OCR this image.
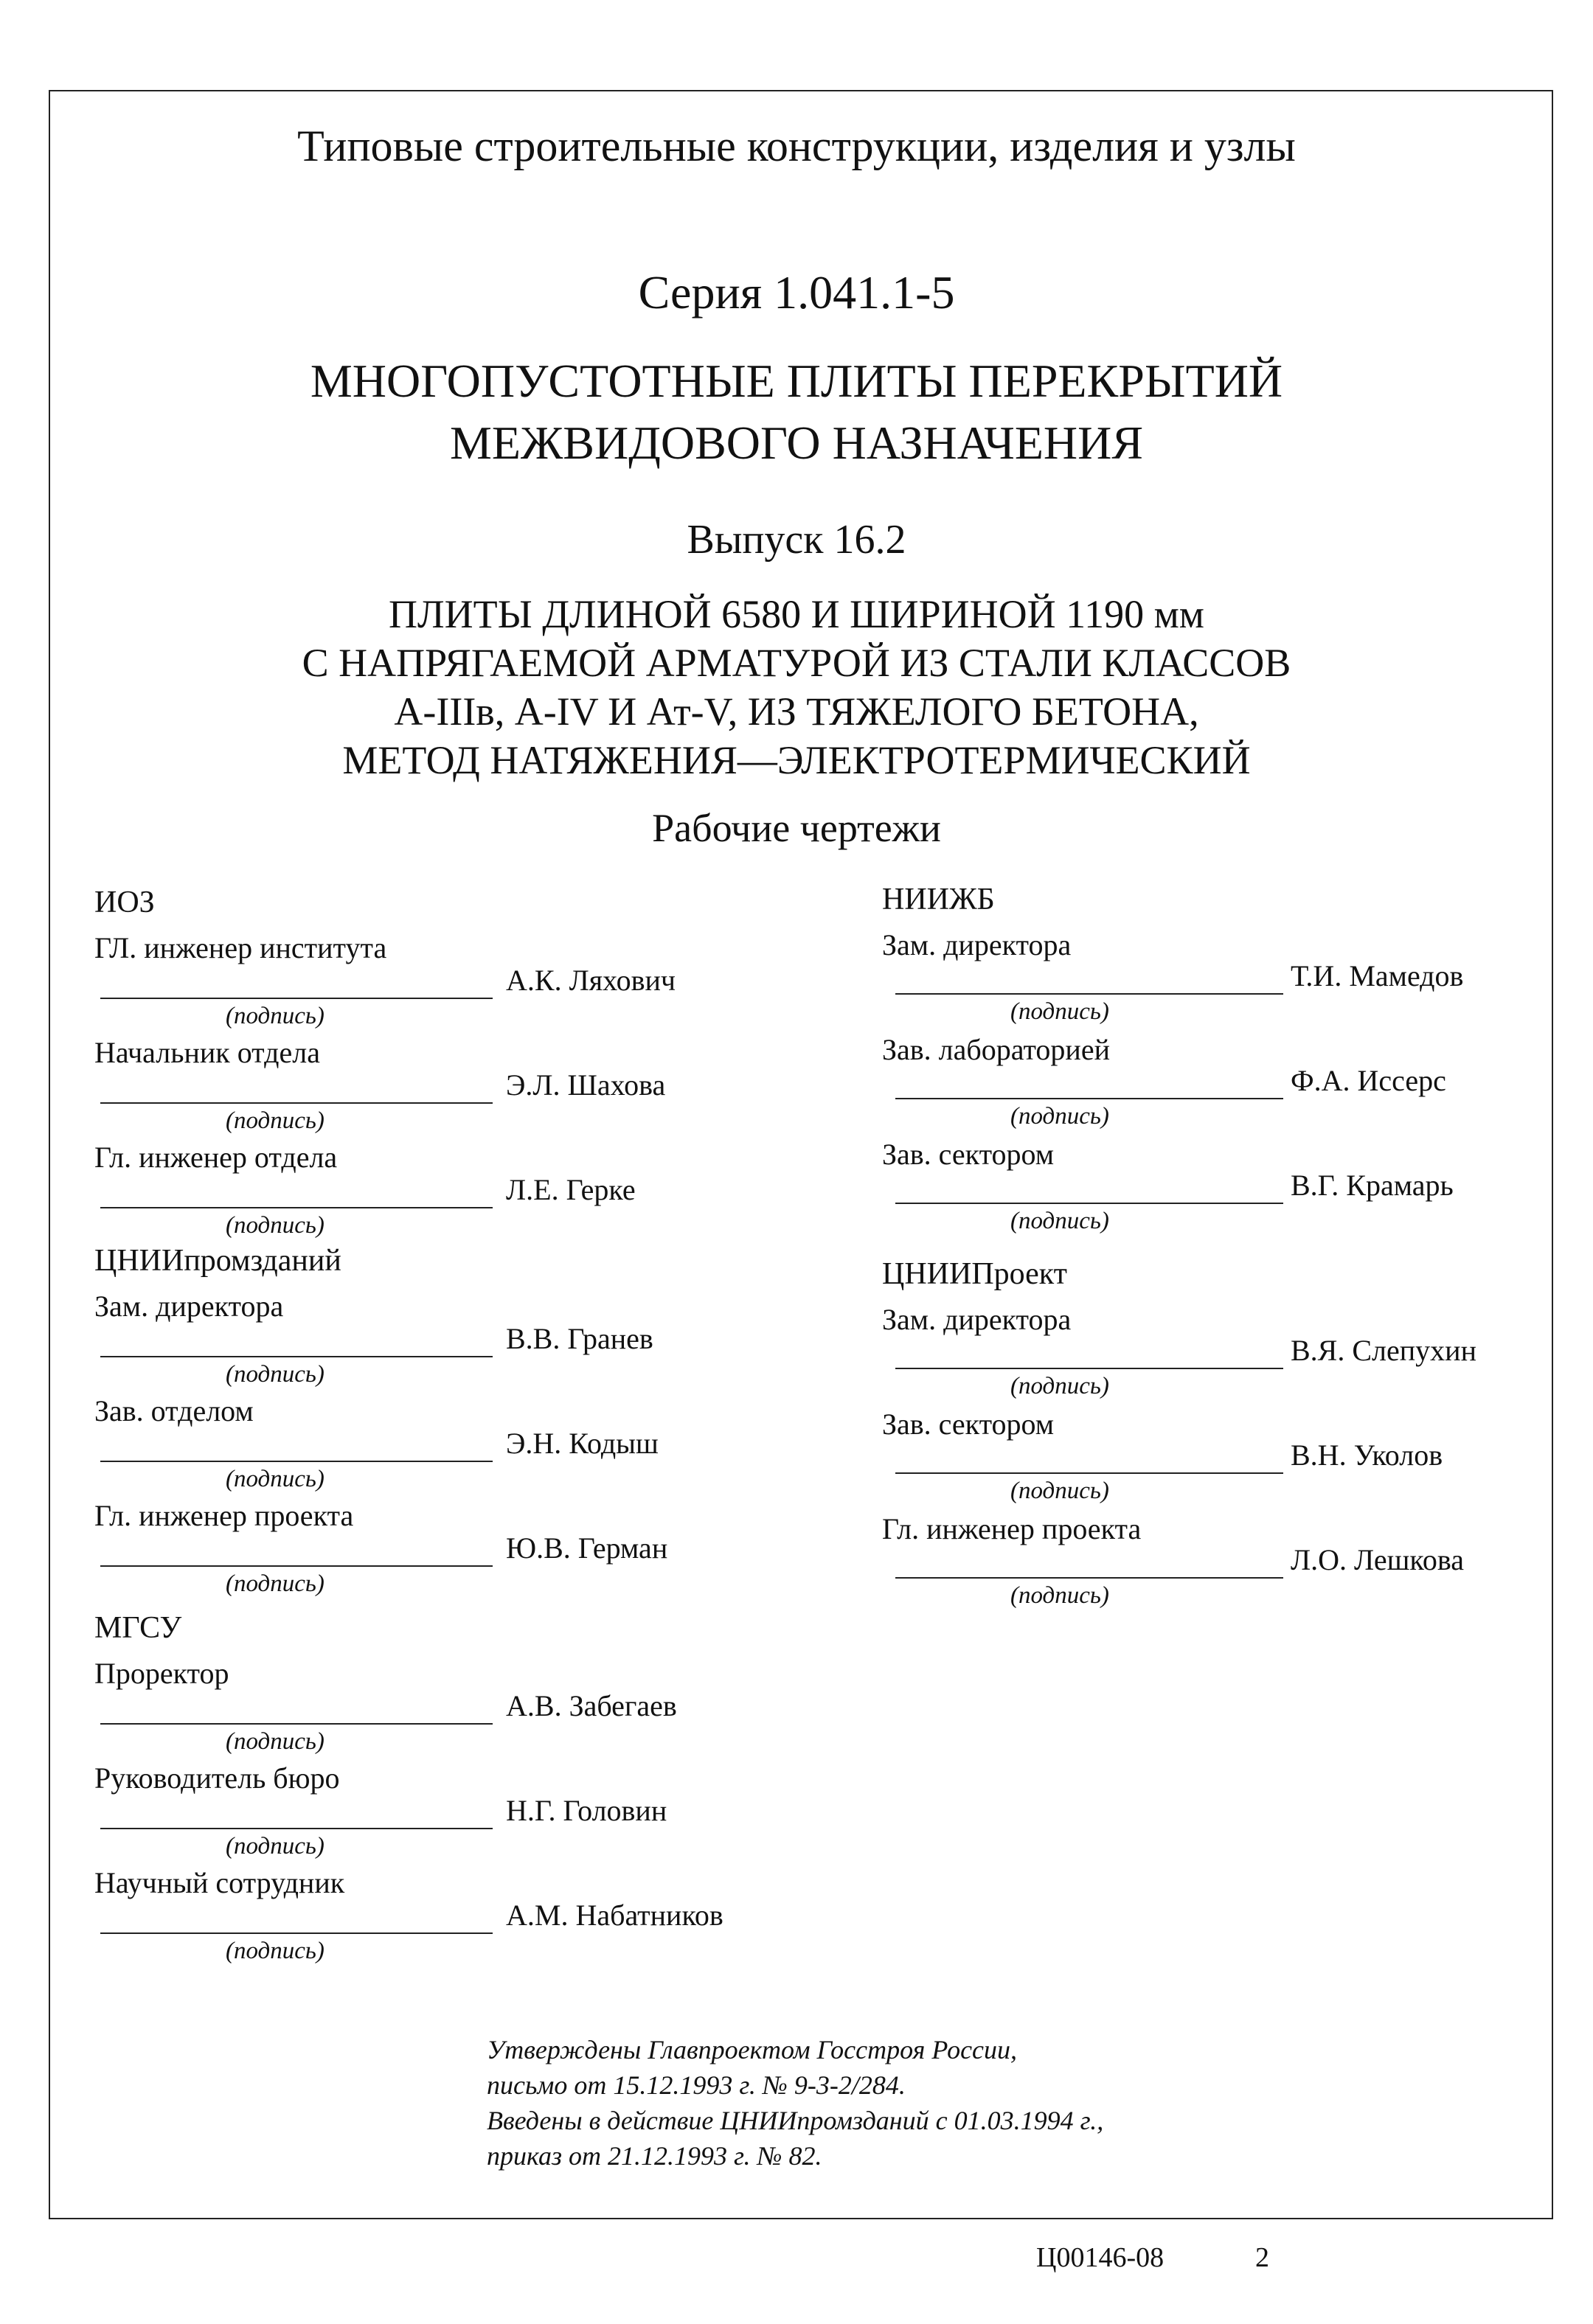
Типовые строительные конструкции, изделия и узлы
Серия 1.041.1-5
МНОГОПУСТОТНЫЕ ПЛИТЫ ПЕРЕКРЫТИЙ
МЕЖВИДОВОГО НАЗНАЧЕНИЯ
Выпуск 16.2
ПЛИТЫ ДЛИНОЙ 6580 И ШИРИНОЙ 1190 мм
С НАПРЯГАЕМОЙ АРМАТУРОЙ ИЗ СТАЛИ КЛАССОВ
А-IIIв, А-IV И Ат-V, ИЗ ТЯЖЕЛОГО БЕТОНА,
МЕТОД НАТЯЖЕНИЯ—ЭЛЕКТРОТЕРМИЧЕСКИЙ
Рабочие чертежи
ИОЗ
ГЛ. инженер института
А.К. Ляхович
(подпись)
Начальник отдела
Э.Л. Шахова
(подпись)
Гл. инженер отдела
Л.Е. Герке
(подпись)
ЦНИИпромзданий
Зам. директора
В.В. Гранев
(подпись)
Зав. отделом
Э.Н. Кодыш
(подпись)
Гл. инженер проекта
Ю.В. Герман
(подпись)
МГСУ
Проректор
А.В. Забегаев
(подпись)
Руководитель бюро
Н.Г. Головин
(подпись)
Научный сотрудник
А.М. Набатников
(подпись)
НИИЖБ
Зам. директора
Т.И. Мамедов
(подпись)
Зав. лабораторией
Ф.А. Иссерс
(подпись)
Зав. сектором
В.Г. Крамарь
(подпись)
ЦНИИПроект
Зам. директора
В.Я. Слепухин
(подпись)
Зав. сектором
В.Н. Уколов
(подпись)
Гл. инженер проекта
Л.О. Лешкова
(подпись)
Утверждены Главпроектом Госстроя России,
письмо от 15.12.1993 г. № 9-3-2/284.
Введены в действие ЦНИИпромзданий с 01.03.1994 г.,
приказ от 21.12.1993 г. № 82.
Ц00146-08	2
